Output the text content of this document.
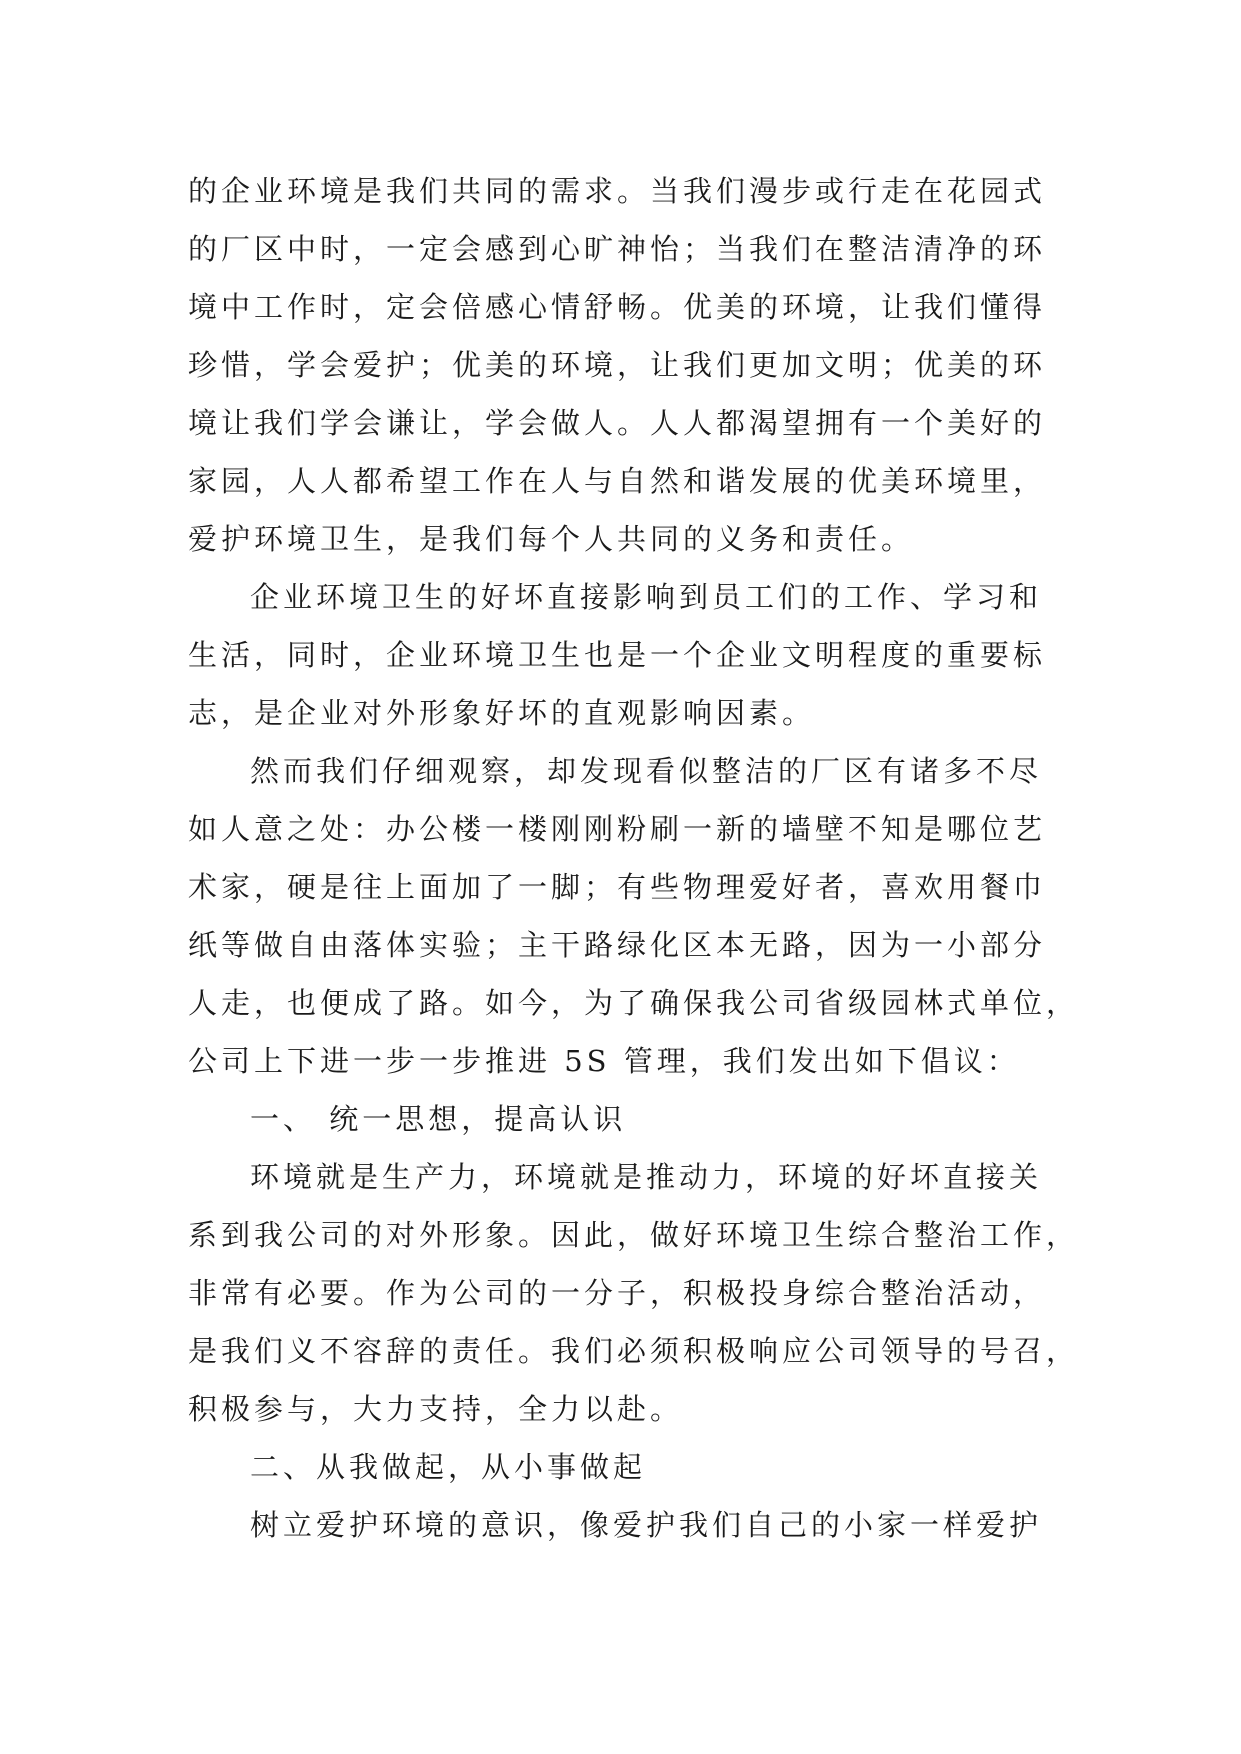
的企业环境是我们共同的需求。当我们漫步或行走在花园式
的厂区中时，一定会感到心旷神怡；当我们在整洁清净的环
境中工作时，定会倍感心情舒畅。优美的环境，让我们懂得
珍惜，学会爱护；优美的环境，让我们更加文明；优美的环
境让我们学会谦让，学会做人。人人都渴望拥有一个美好的
家园，人人都希望工作在人与自然和谐发展的优美环境里，
爱护环境卫生，是我们每个人共同的义务和责任。
企业环境卫生的好坏直接影响到员工们的工作、学习和
生活，同时，企业环境卫生也是一个企业文明程度的重要标
志，是企业对外形象好坏的直观影响因素。
然而我们仔细观察，却发现看似整洁的厂区有诸多不尽
如人意之处：办公楼一楼刚刚粉刷一新的墙壁不知是哪位艺
术家，硬是往上面加了一脚；有些物理爱好者，喜欢用餐巾
纸等做自由落体实验；主干路绿化区本无路，因为一小部分
人走，也便成了路。如今，为了确保我公司省级园林式单位，
公司上下进一步一步推进 5S 管理，我们发出如下倡议：
一、 统一思想，提高认识
环境就是生产力，环境就是推动力，环境的好坏直接关
系到我公司的对外形象。因此，做好环境卫生综合整治工作，
非常有必要。作为公司的一分子，积极投身综合整治活动，
是我们义不容辞的责任。我们必须积极响应公司领导的号召，
积极参与，大力支持，全力以赴。
二、从我做起，从小事做起
树立爱护环境的意识，像爱护我们自己的小家一样爱护
